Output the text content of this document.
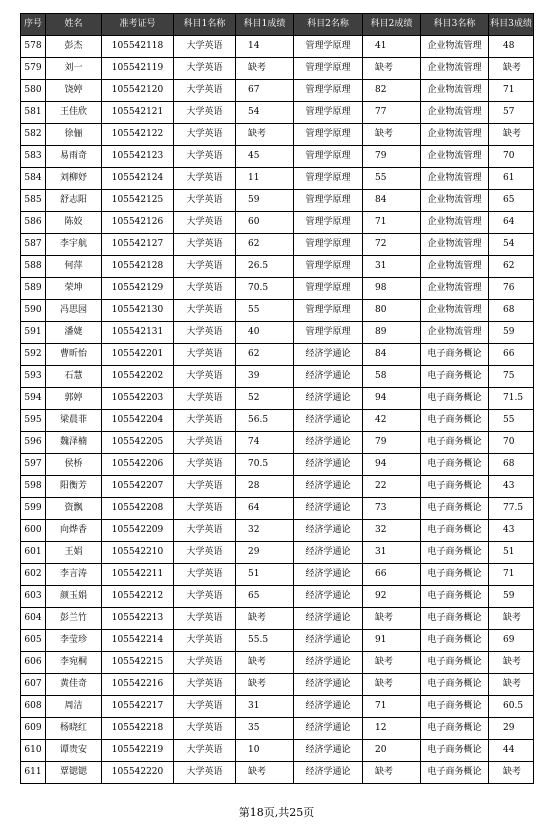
序号	姓名	准考证号	科目1名称	科目1成绩	科目2名称	科目2成绩	科目3名称	科目3成绩
578	彭杰	105542118	大学英语	14	管理学原理	41	企业物流管理	48
579	刘一	105542119	大学英语	缺考	管理学原理	缺考	企业物流管理	缺考
580	饶婷	105542120	大学英语	67	管理学原理	82	企业物流管理	71
581	王佳欣	105542121	大学英语	54	管理学原理	77	企业物流管理	57
582	徐俪	105542122	大学英语	缺考	管理学原理	缺考	企业物流管理	缺考
583	易雨奇	105542123	大学英语	45	管理学原理	79	企业物流管理	70
584	刘柳妤	105542124	大学英语	11	管理学原理	55	企业物流管理	61
585	舒志阳	105542125	大学英语	59	管理学原理	84	企业物流管理	65
586	陈姣	105542126	大学英语	60	管理学原理	71	企业物流管理	64
587	李宇航	105542127	大学英语	62	管理学原理	72	企业物流管理	54
588	何萍	105542128	大学英语	26.5	管理学原理	31	企业物流管理	62
589	荣坤	105542129	大学英语	70.5	管理学原理	98	企业物流管理	76
590	冯思园	105542130	大学英语	55	管理学原理	80	企业物流管理	68
591	潘婕	105542131	大学英语	40	管理学原理	89	企业物流管理	59
592	曹昕怡	105542201	大学英语	62	经济学通论	84	电子商务概论	66
593	石慧	105542202	大学英语	39	经济学通论	58	电子商务概论	75
594	郭婷	105542203	大学英语	52	经济学通论	94	电子商务概论	71.5
595	梁晨菲	105542204	大学英语	56.5	经济学通论	42	电子商务概论	55
596	魏泽楠	105542205	大学英语	74	经济学通论	79	电子商务概论	70
597	侯桥	105542206	大学英语	70.5	经济学通论	94	电子商务概论	68
598	阳衡芳	105542207	大学英语	28	经济学通论	22	电子商务概论	43
599	资飘	105542208	大学英语	64	经济学通论	73	电子商务概论	77.5
600	向烨香	105542209	大学英语	32	经济学通论	32	电子商务概论	43
601	王娟	105542210	大学英语	29	经济学通论	31	电子商务概论	51
602	李言涛	105542211	大学英语	51	经济学通论	66	电子商务概论	71
603	颜玉娟	105542212	大学英语	65	经济学通论	92	电子商务概论	59
604	彭兰竹	105542213	大学英语	缺考	经济学通论	缺考	电子商务概论	缺考
605	李莹珍	105542214	大学英语	55.5	经济学通论	91	电子商务概论	69
606	李宛桐	105542215	大学英语	缺考	经济学通论	缺考	电子商务概论	缺考
607	黄佳奇	105542216	大学英语	缺考	经济学通论	缺考	电子商务概论	缺考
608	周洁	105542217	大学英语	31	经济学通论	71	电子商务概论	60.5
609	杨晓红	105542218	大学英语	35	经济学通论	12	电子商务概论	29
610	谭贵安	105542219	大学英语	10	经济学通论	20	电子商务概论	44
611	覃锶锶	105542220	大学英语	缺考	经济学通论	缺考	电子商务概论	缺考
第18页,共25页
